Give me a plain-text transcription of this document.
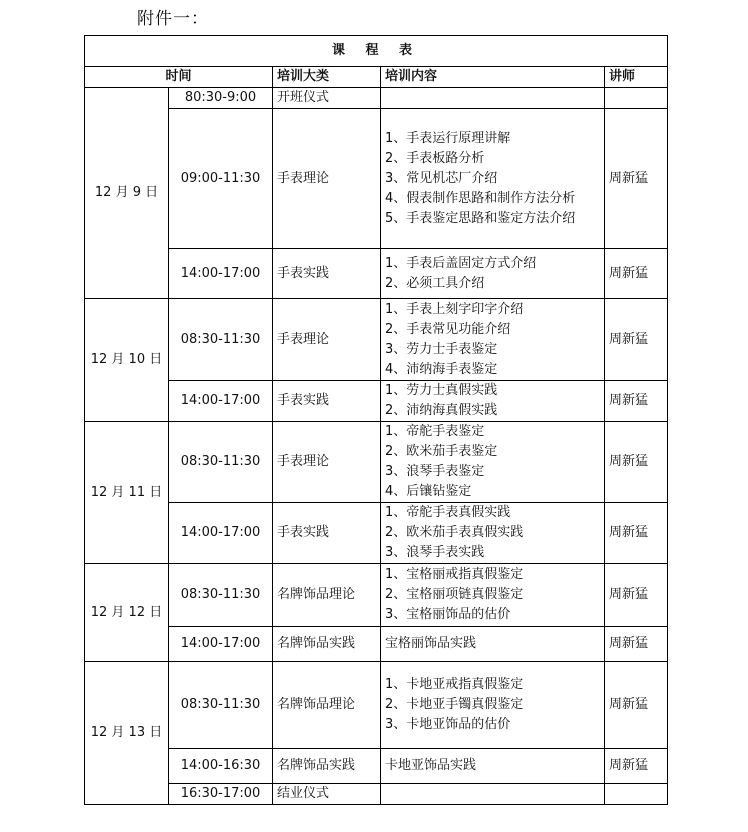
附件一：
课 程 表				
时间		培训大类	培训内容	讲师
12 月 9 日	80:30-9:00	开班仪式		
	09:00-11:30	手表理论	1、手表运行原理讲解
2、手表板路分析
3、常见机芯厂介绍
4、假表制作思路和制作方法分析
5、手表鉴定思路和鉴定方法介绍	周新猛
	14:00-17:00	手表实践	1、手表后盖固定方式介绍
2、必须工具介绍	周新猛
12 月 10 日	08:30-11:30	手表理论	1、手表上刻字印字介绍
2、手表常见功能介绍
3、劳力士手表鉴定
4、沛纳海手表鉴定	周新猛
	14:00-17:00	手表实践	1、劳力士真假实践
2、沛纳海真假实践	周新猛
12 月 11 日	08:30-11:30	手表理论	1、帝舵手表鉴定
2、欧米茄手表鉴定
3、浪琴手表鉴定
4、后镶钻鉴定	周新猛
	14:00-17:00	手表实践	1、帝舵手表真假实践
2、欧米茄手表真假实践
3、浪琴手表实践	周新猛
12 月 12 日	08:30-11:30	名牌饰品理论	1、宝格丽戒指真假鉴定
2、宝格丽项链真假鉴定
3、宝格丽饰品的估价	周新猛
	14:00-17:00	名牌饰品实践	宝格丽饰品实践	周新猛
12 月 13 日	08:30-11:30	名牌饰品理论	1、卡地亚戒指真假鉴定
2、卡地亚手镯真假鉴定
3、卡地亚饰品的估价	周新猛
	14:00-16:30	名牌饰品实践	卡地亚饰品实践	周新猛
	16:30-17:00	结业仪式		
